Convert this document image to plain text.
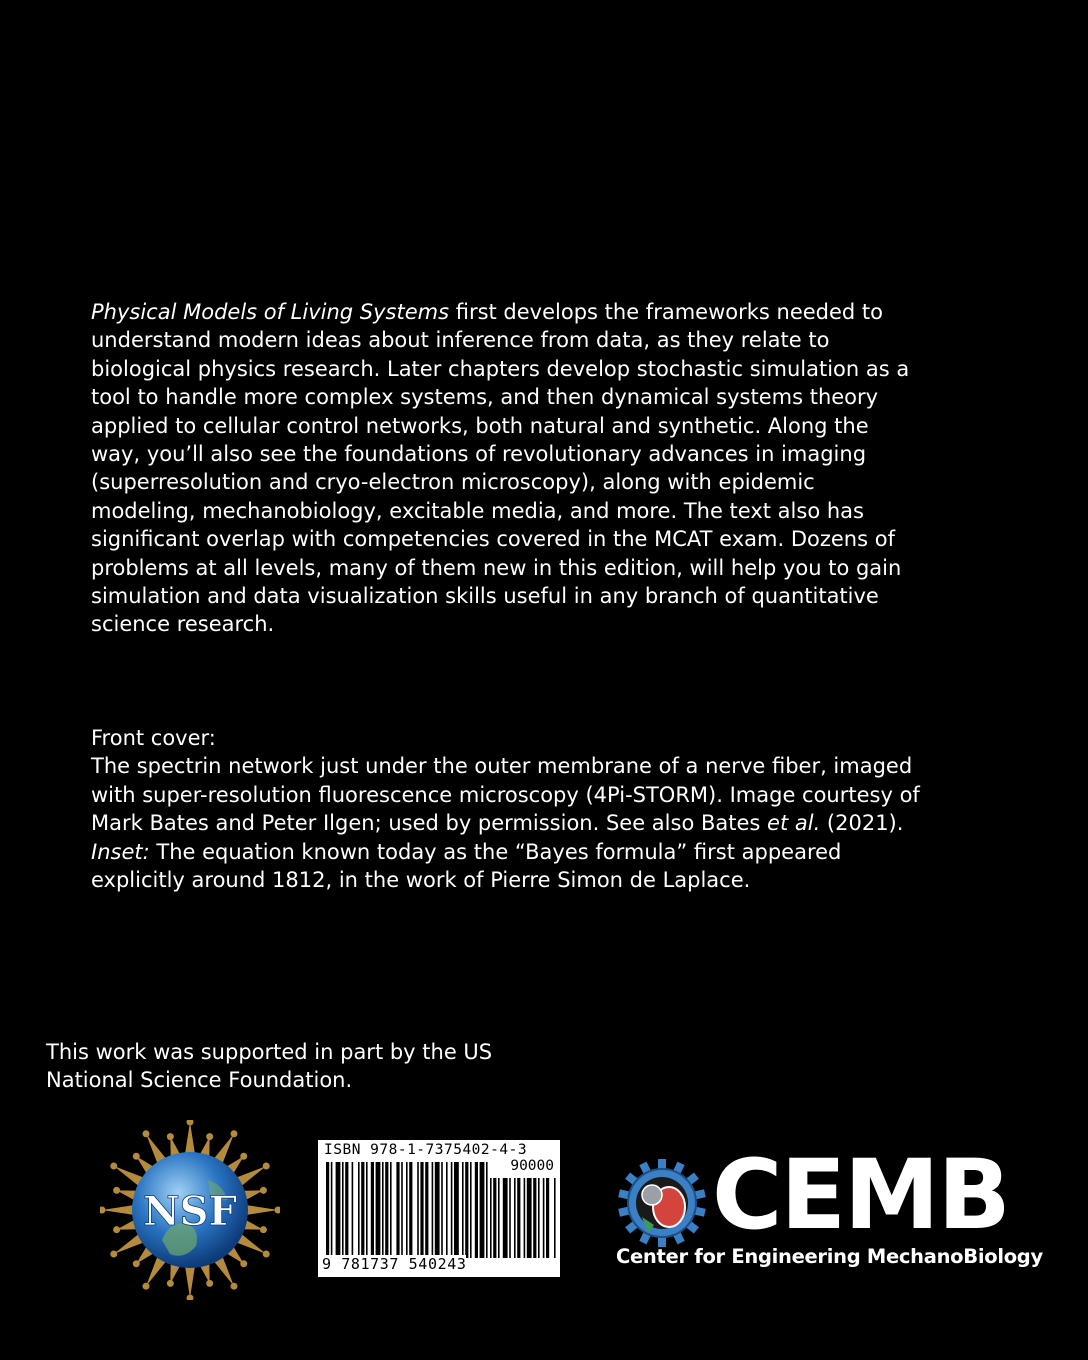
Physical Models of Living Systems first develops the frameworks needed to understand modern ideas about inference from data, as they relate to biological physics research. Later chapters develop stochastic simulation as a tool to handle more complex systems, and then dynamical systems theory applied to cellular control networks, both natural and synthetic. Along the way, you’ll also see the foundations of revolutionary advances in imaging (superresolution and cryo-electron microscopy), along with epidemic modeling, mechanobiology, excitable media, and more. The text also has significant overlap with competencies covered in the MCAT exam. Dozens of problems at all levels, many of them new in this edition, will help you to gain simulation and data visualization skills useful in any branch of quantitative science research.
Front cover:
The spectrin network just under the outer membrane of a nerve fiber, imaged with super-resolution fluorescence microscopy (4Pi-STORM). Image courtesy of Mark Bates and Peter Ilgen; used by permission. See also Bates et al. (2021).
Inset: The equation known today as the “Bayes formula” first appeared explicitly around 1812, in the work of Pierre Simon de Laplace.
This work was supported in part by the US National Science Foundation.
NSF
ISBN 978-1-7375402-4-3
90000
9 781737 540243
CEMB
Center for Engineering MechanoBiology
